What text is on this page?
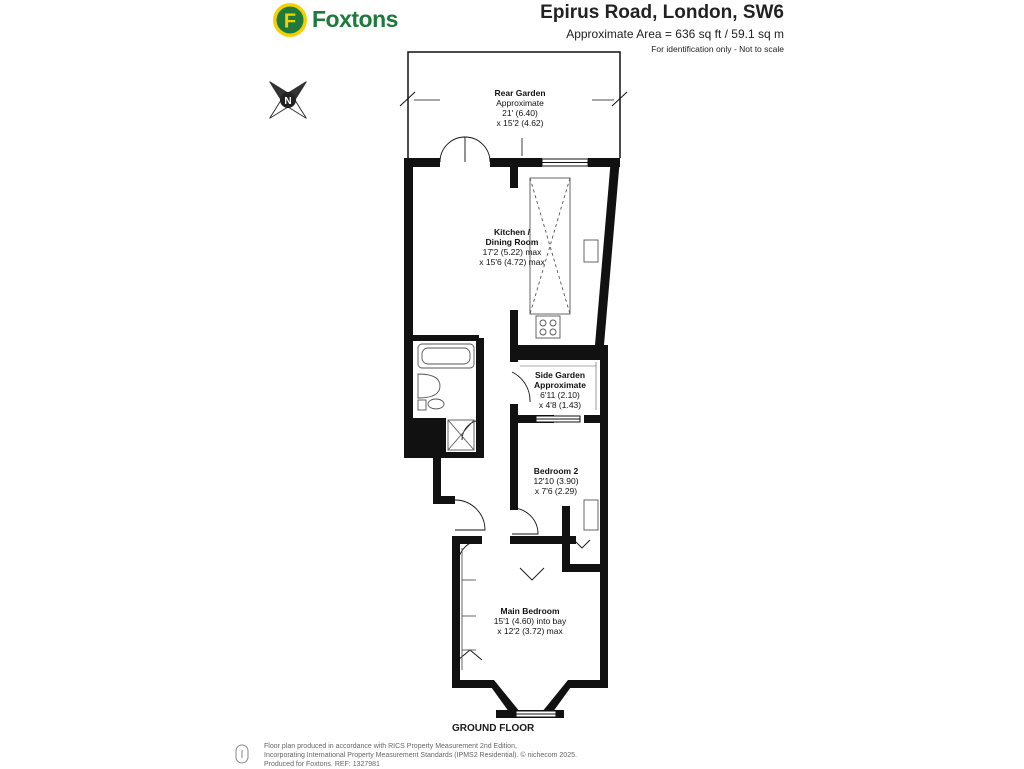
F Foxtons	Epirus Road, London, SW6
Approximate Area = 636 sq ft / 59.1 sq m
For identification only - Not to scale
N
Rear Garden
Approximate
21' (6.40)
x 15'2 (4.62)
Kitchen /
Dining Room
17'2 (5.22) max
x 15'6 (4.72) max
Side Garden
Approximate
6'11 (2.10)
x 4'8 (1.43)
Bedroom 2
12'10 (3.90)
x 7'6 (2.29)
Main Bedroom
15'1 (4.60) into bay
x 12'2 (3.72) max
GROUND FLOOR
Floor plan produced in accordance with RICS Property Measurement 2nd Edition,
Incorporating International Property Measurement Standards (IPMS2 Residential). © nichecom 2025.
Produced for Foxtons. REF: 1327981
